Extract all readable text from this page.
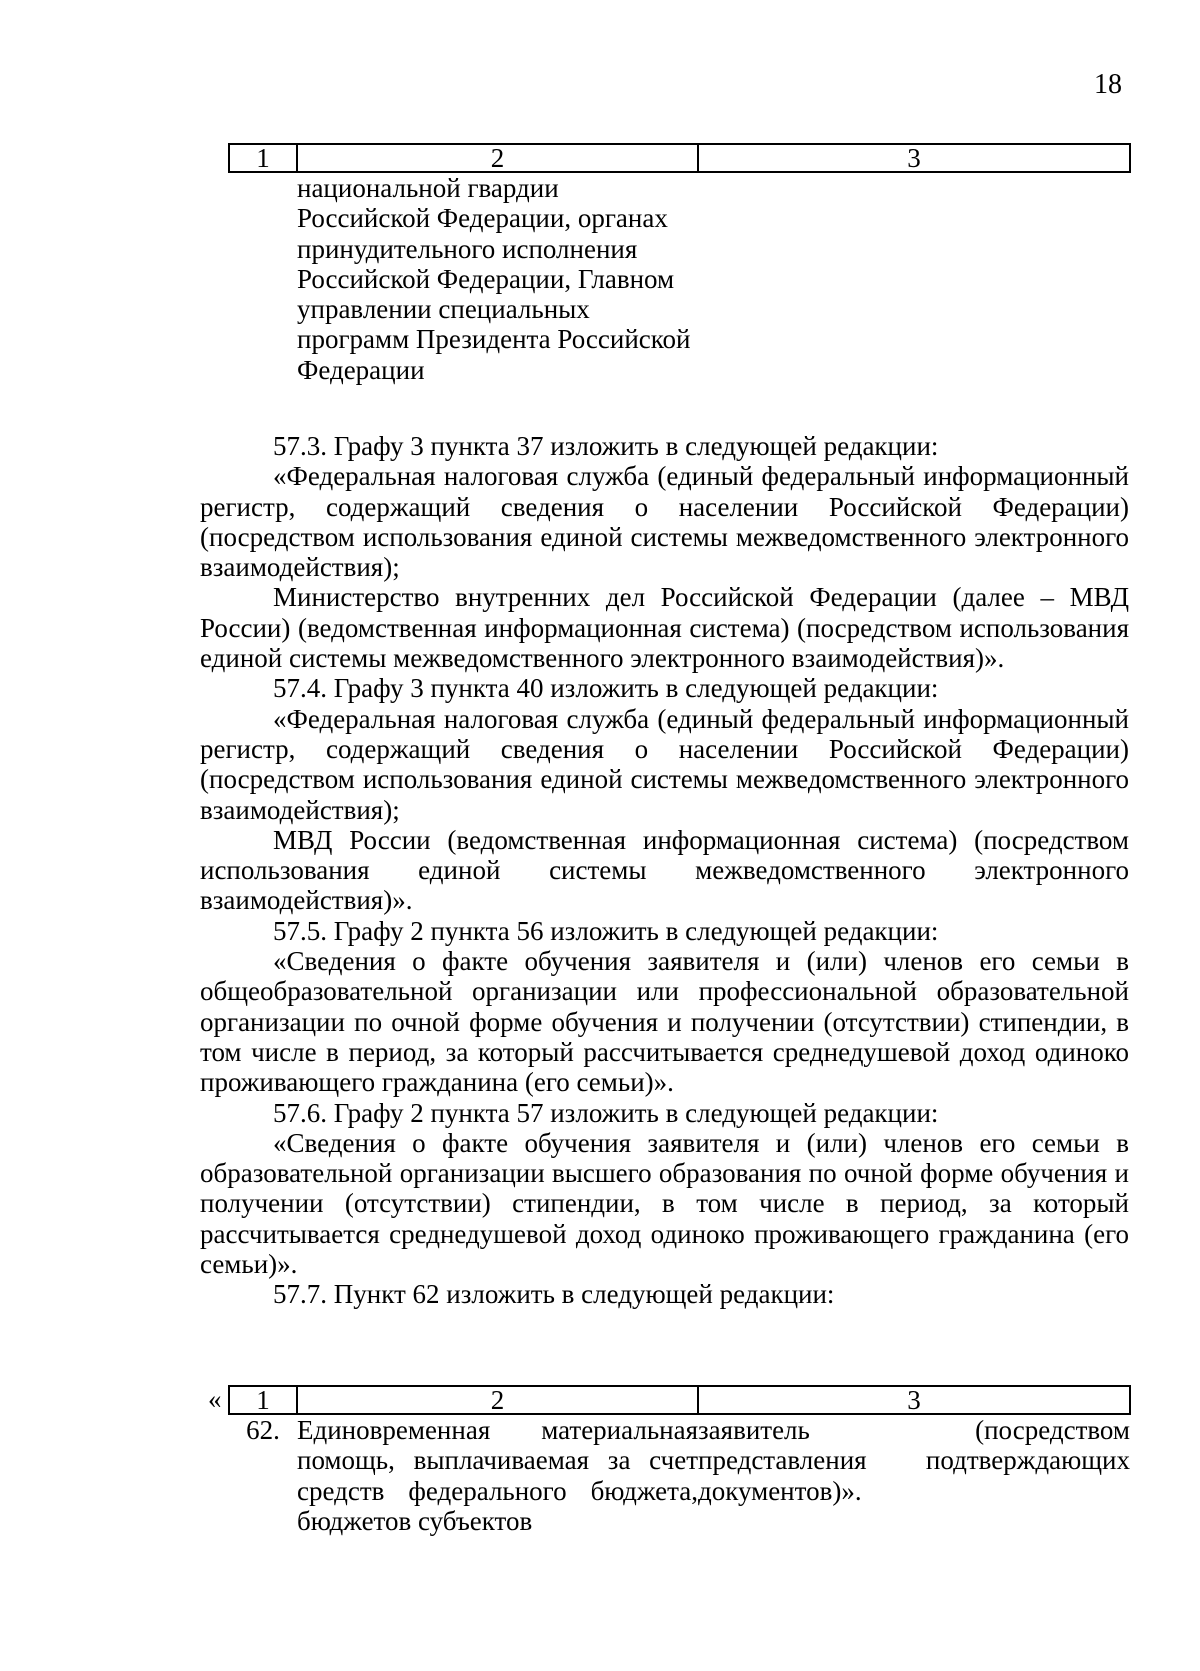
18
1	2	3
	национальной гвардии Российской Федерации, органах принудительного исполнения Российской Федерации, Главном управлении специальных программ Президента Российской Федерации	

57.3. Графу 3 пункта 37 изложить в следующей редакции:

«Федеральная налоговая служба (единый федеральный информационный регистр, содержащий сведения о населении Российской Федерации) (посредством использования единой системы межведомственного электронного взаимодействия);

Министерство внутренних дел Российской Федерации (далее – МВД России) (ведомственная информационная система) (посредством использования единой системы межведомственного электронного взаимодействия)».

57.4. Графу 3 пункта 40 изложить в следующей редакции:

«Федеральная налоговая служба (единый федеральный информационный регистр, содержащий сведения о населении Российской Федерации) (посредством использования единой системы межведомственного электронного взаимодействия);

МВД России (ведомственная информационная система) (посредством использования единой системы межведомственного электронного взаимодействия)».

57.5. Графу 2 пункта 56 изложить в следующей редакции:

«Сведения о факте обучения заявителя и (или) членов его семьи в общеобразовательной организации или профессиональной образовательной организации по очной форме обучения и получении (отсутствии) стипендии, в том числе в период, за который рассчитывается среднедушевой доход одиноко проживающего гражданина (его семьи)».

57.6. Графу 2 пункта 57 изложить в следующей редакции:

«Сведения о факте обучения заявителя и (или) членов его семьи в образовательной организации высшего образования по очной форме обучения и получении (отсутствии) стипендии, в том числе в период, за который рассчитывается среднедушевой доход одиноко проживающего гражданина (его семьи)».

57.7. Пункт 62 изложить в следующей редакции:

« 1	2	3
62.	Единовременная материальная помощь, выплачиваемая за счет средств федерального бюджета, бюджетов субъектов	заявитель (посредством представления подтверждающих документов)».
